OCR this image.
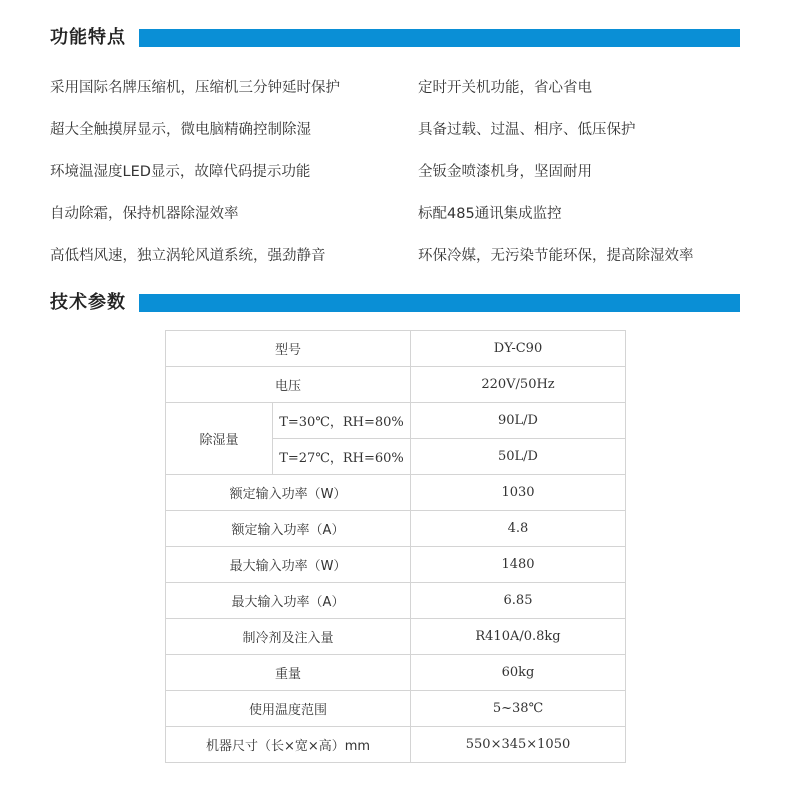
功能特点
采用国际名牌压缩机，压缩机三分钟延时保护
超大全触摸屏显示，微电脑精确控制除湿
环境温湿度LED显示，故障代码提示功能
自动除霜，保持机器除湿效率
高低档风速，独立涡轮风道系统，强劲静音
定时开关机功能，省心省电
具备过载、过温、相序、低压保护
全钣金喷漆机身，坚固耐用
标配485通讯集成监控
环保冷媒，无污染节能环保，提高除湿效率
技术参数
型号		DY-C90
电压		220V/50Hz
除湿量	T=30℃，RH=80%	90L/D
	T=27℃，RH=60%	50L/D
额定输入功率（W）		1030
额定输入功率（A）		4.8
最大输入功率（W）		1480
最大输入功率（A）		6.85
制冷剂及注入量		R410A/0.8kg
重量		60kg
使用温度范围		5~38℃
机器尺寸（长×宽×高）mm		550×345×1050
